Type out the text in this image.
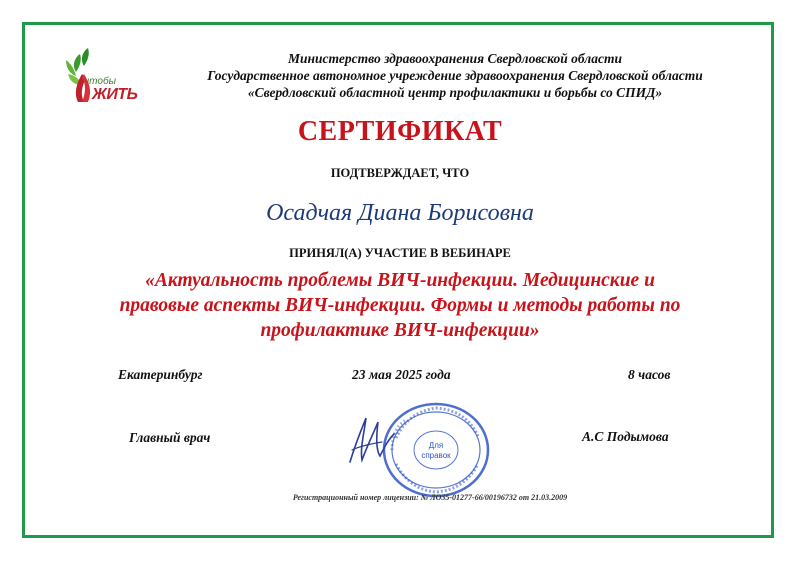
чтобы
ЖИТЬ
Министерство здравоохранения Свердловской области
Государственное автономное учреждение здравоохранения Свердловской области
«Свердловский областной центр профилактики и борьбы со СПИД»
СЕРТИФИКАТ
ПОДТВЕРЖДАЕТ, ЧТО
Осадчая Диана Борисовна
ПРИНЯЛ(А) УЧАСТИЕ В ВЕБИНАРЕ
«Актуальность проблемы ВИЧ-инфекции. Медицинские и
правовые аспекты ВИЧ-инфекции. Формы и методы работы по
профилактике ВИЧ-инфекции»
Екатеринбург	23 мая 2025 года	8 часов
Главный врач	А.С Подымова
Для
справок
Регистрационный номер лицензии: № ЛО35-01277-66/00196732 от 21.03.2009
